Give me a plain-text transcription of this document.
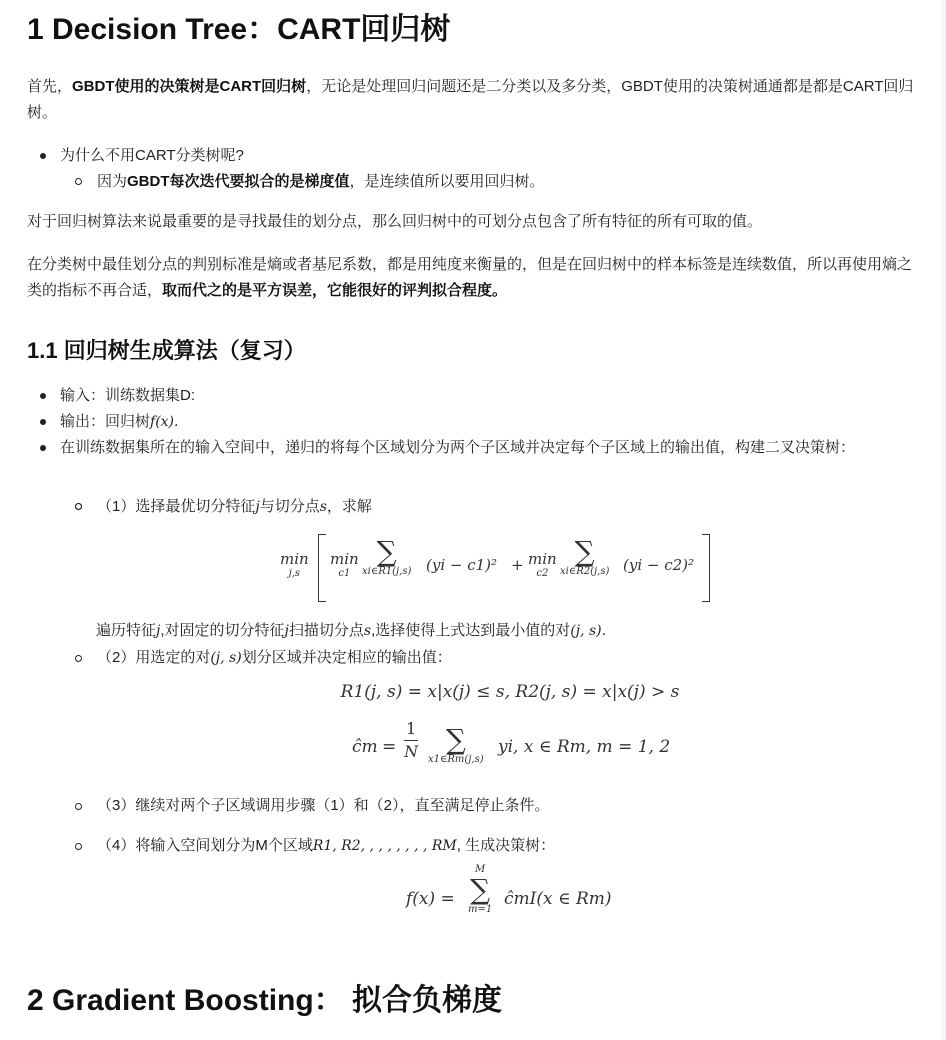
1 Decision Tree：CART回归树

首先，GBDT使用的决策树是CART回归树，无论是处理回归问题还是二分类以及多分类，GBDT使用的决策树通通都是都是CART回归树。

为什么不用CART分类树呢?
因为GBDT每次迭代要拟合的是梯度值，是连续值所以要用回归树。

对于回归树算法来说最重要的是寻找最佳的划分点，那么回归树中的可划分点包含了所有特征的所有可取的值。

在分类树中最佳划分点的判别标准是熵或者基尼系数，都是用纯度来衡量的，但是在回归树中的样本标签是连续数值，所以再使用熵之类的指标不再合适，取而代之的是平方误差，它能很好的评判拟合程度。

1.1 回归树生成算法（复习）
输入：训练数据集D:
输出：回归树f(x).
在训练数据集所在的输入空间中，递归的将每个区域划分为两个子区域并决定每个子区域上的输出值，构建二叉决策树：
（1）选择最优切分特征j与切分点s，求解
min
j,s
min
c1
∑
xi∈R1(j,s) (yi − c1)² + min
c2
∑
xi∈R2(j,s) (yi − c2)²
遍历特征j,对固定的切分特征j扫描切分点s,选择使得上式达到最小值的对(j, s).
（2）用选定的对(j, s)划分区域并决定相应的输出值：
R1(j, s) = x|x(j) ≤ s, R2(j, s) = x|x(j) > s
ĉm = $\frac{1}{N}$ ∑
x1∈Rm(j,s)
yi, x ∈ Rm, m = 1, 2
（3）继续对两个子区域调用步骤（1）和（2），直至满足停止条件。
（4）将输入空间划分为M个区域R1, R2, , , , , , , , RM, 生成决策树：
f(x) =
M
∑
m=1
ĉmI(x ∈ Rm)
2 Gradient Boosting： 拟合负梯度
